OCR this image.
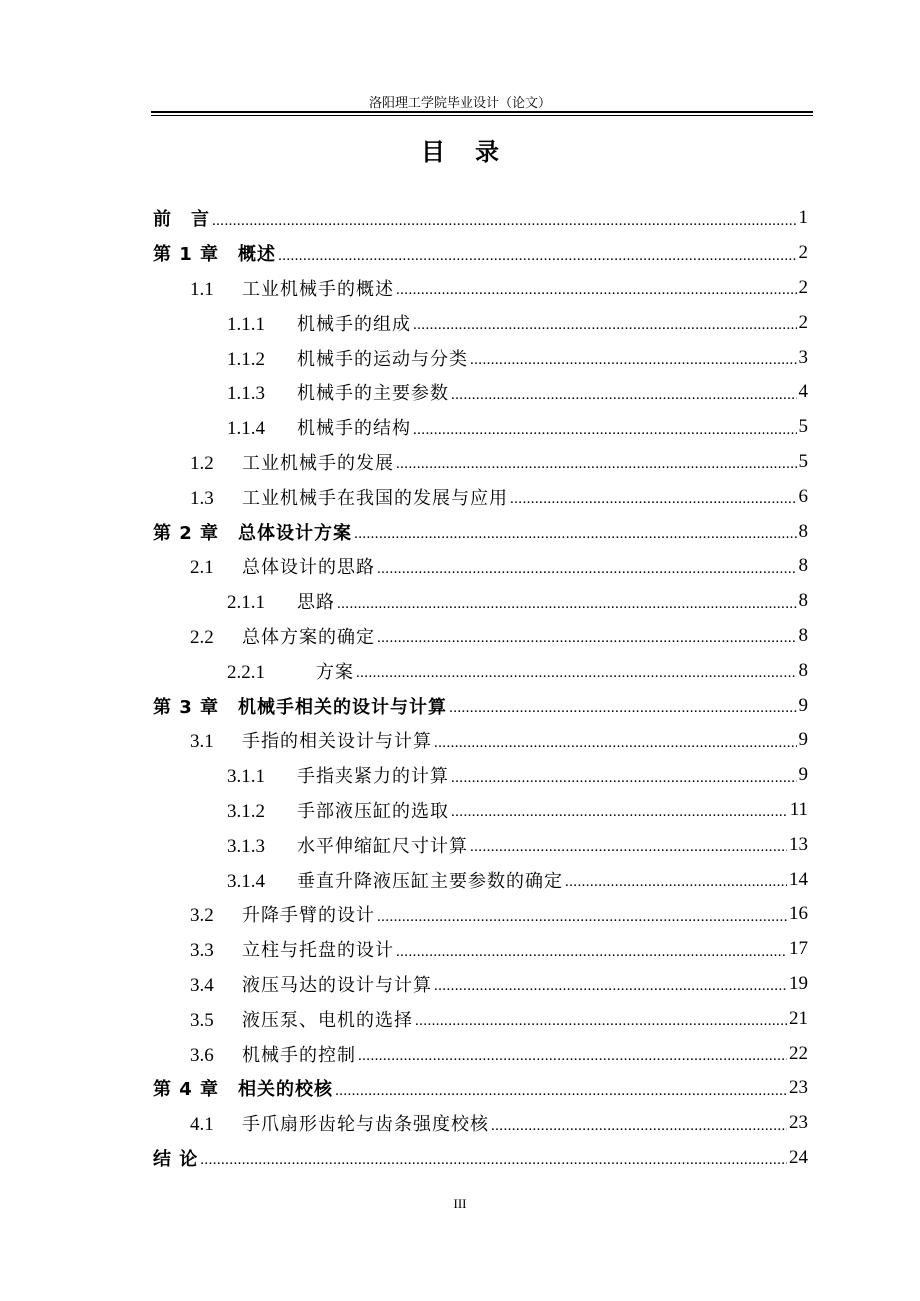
洛阳理工学院毕业设计（论文）
目录
前　言 .....	1
第 1 章　概述 .....	2
1.1 工业机械手的概述 .....	2
1.1.1 机械手的组成 .....	2
1.1.2 机械手的运动与分类 .....	3
1.1.3 机械手的主要参数 .....	4
1.1.4 机械手的结构 .....	5
1.2 工业机械手的发展 .....	5
1.3 工业机械手在我国的发展与应用 .....	6
第 2 章　总体设计方案 .....	8
2.1 总体设计的思路 .....	8
2.1.1 思路 .....	8
2.2 总体方案的确定 .....	8
2.2.1　方案 .....	8
第 3 章　机械手相关的设计与计算 .....	9
3.1 手指的相关设计与计算 .....	9
3.1.1 手指夹紧力的计算 .....	9
3.1.2 手部液压缸的选取 .....	11
3.1.3 水平伸缩缸尺寸计算 .....	13
3.1.4 垂直升降液压缸主要参数的确定 .....	14
3.2 升降手臂的设计 .....	16
3.3 立柱与托盘的设计 .....	17
3.4 液压马达的设计与计算 .....	19
3.5 液压泵、电机的选择 .....	21
3.6 机械手的控制 .....	22
第 4 章　相关的校核 .....	23
4.1 手爪扇形齿轮与齿条强度校核 .....	23
结 论 .....	24
III
